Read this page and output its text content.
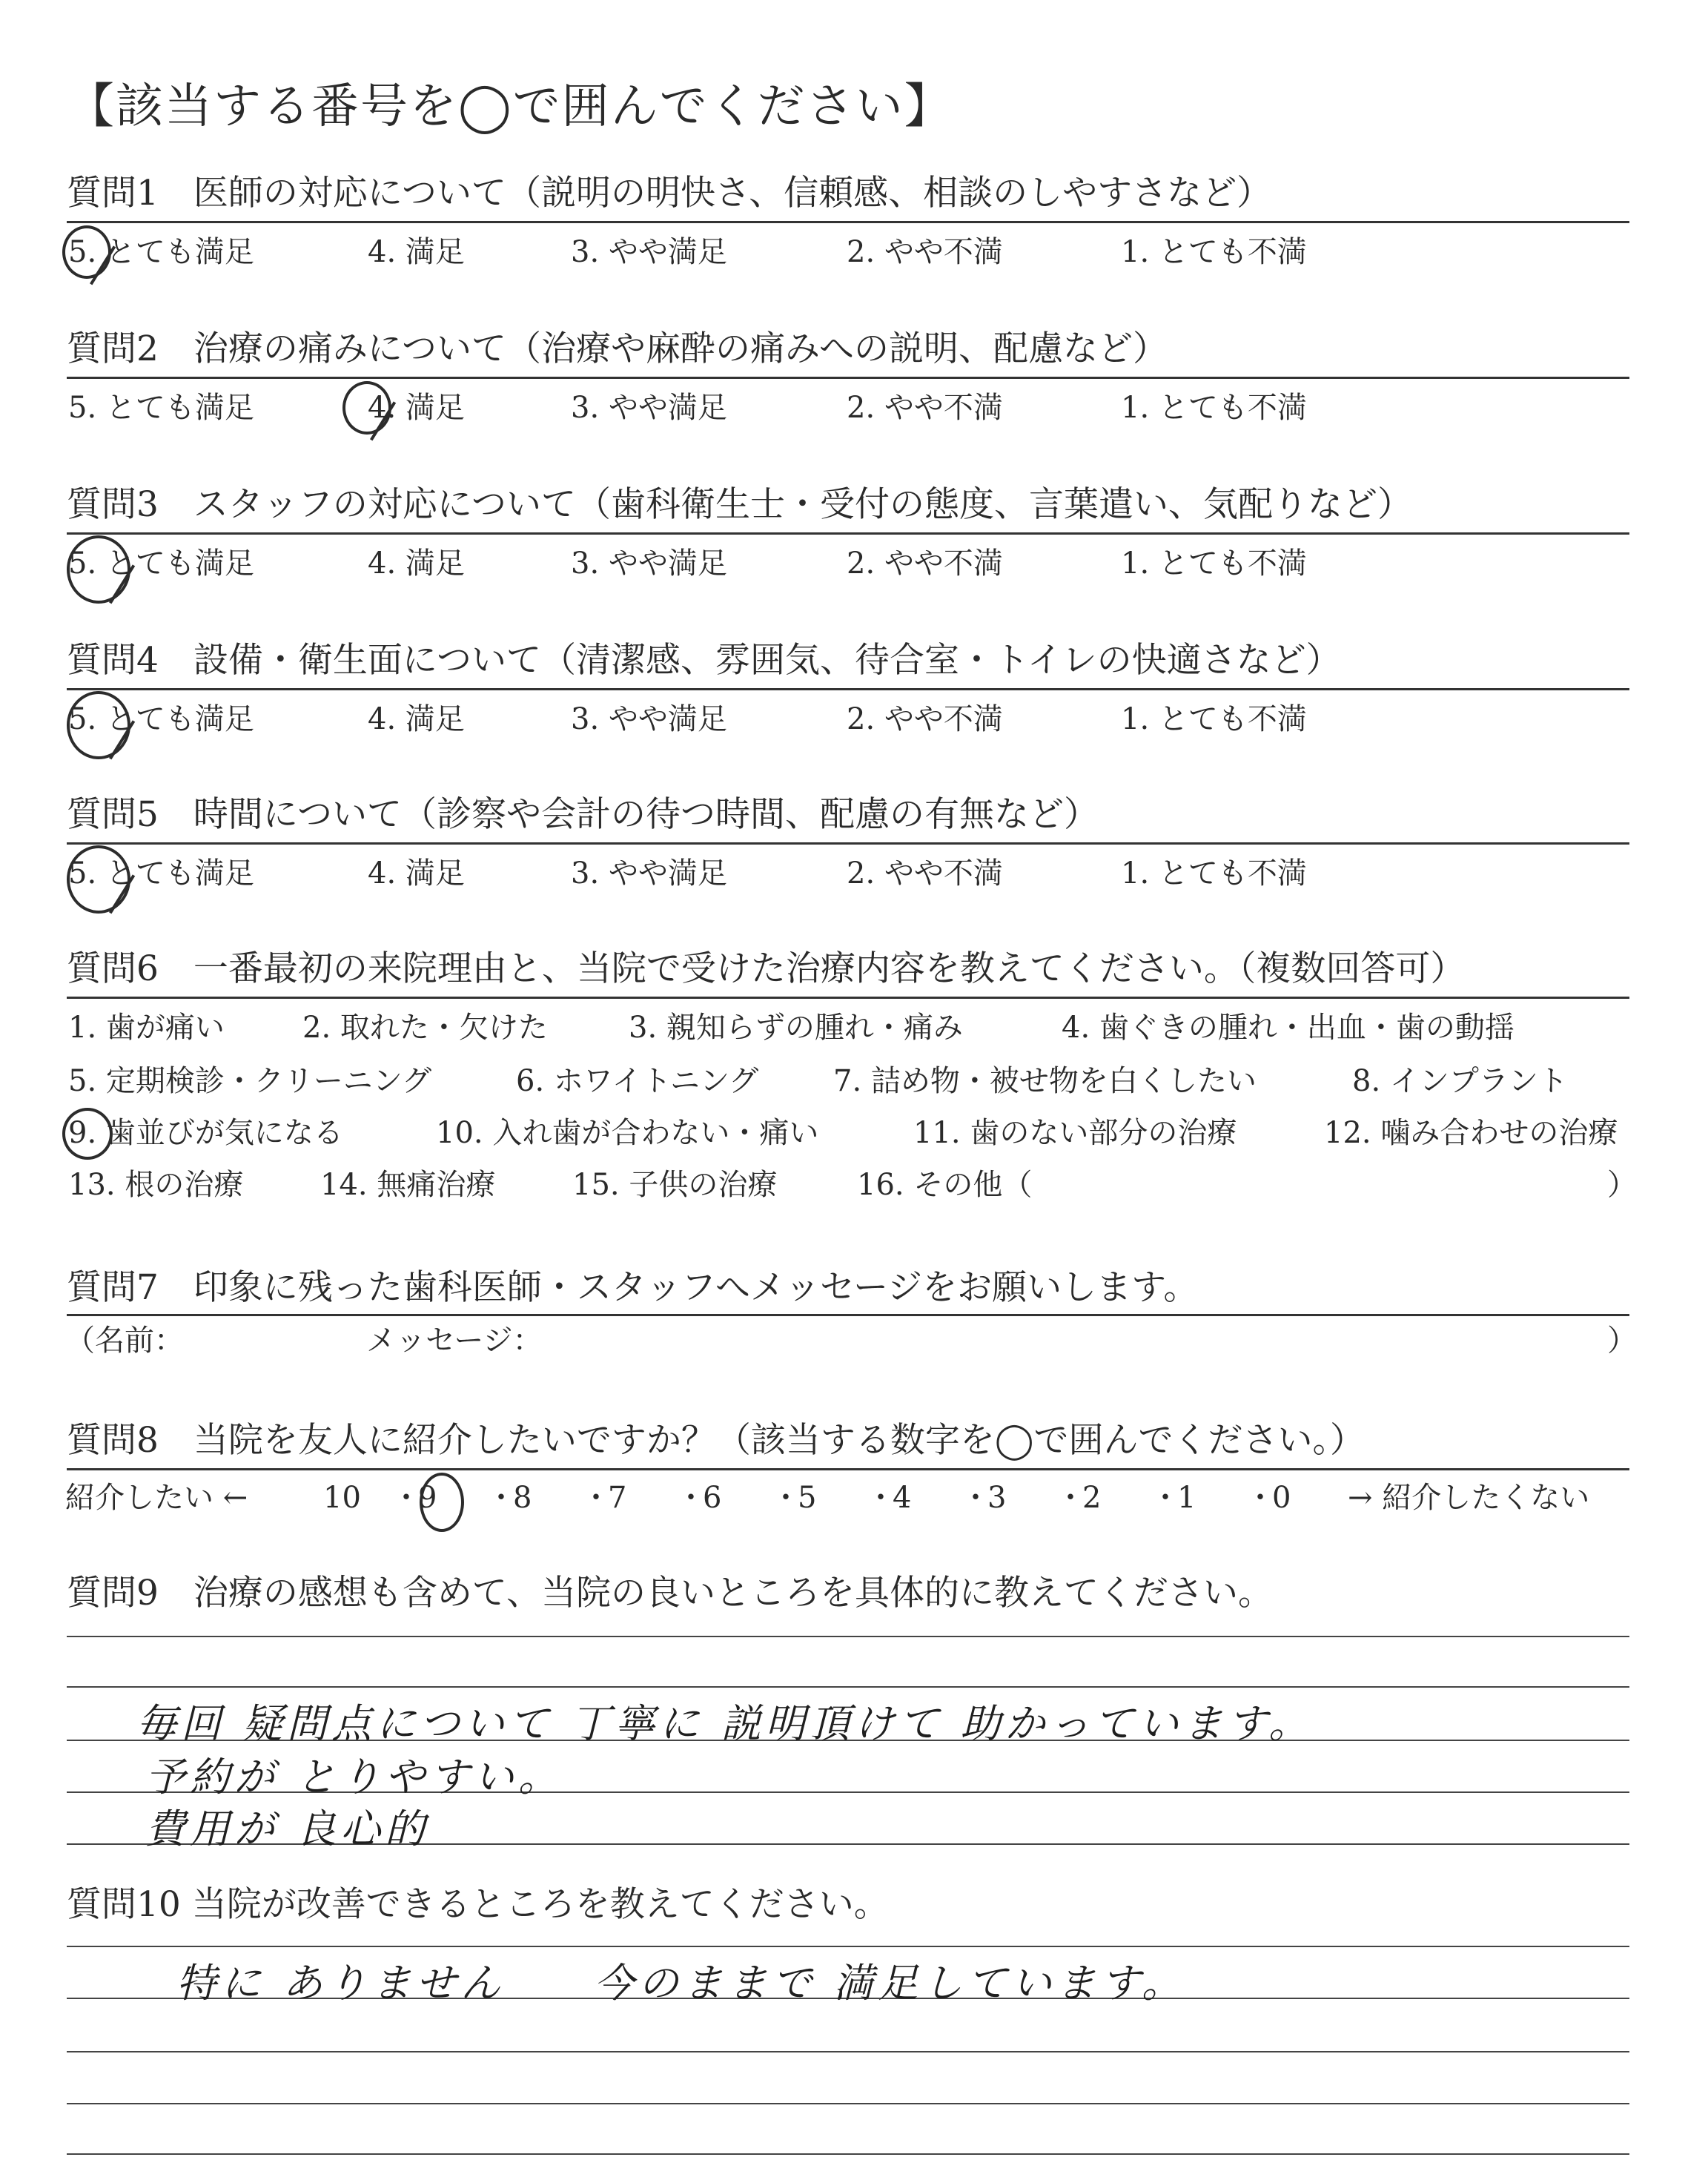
【該当する番号を◯で囲んでください】
質問1　医師の対応について（説明の明快さ、信頼感、相談のしやすさなど）
5. とても満足	4. 満足	3. やや満足	2. やや不満	1. とても不満
質問2　治療の痛みについて（治療や麻酔の痛みへの説明、配慮など）
5. とても満足	4. 満足	3. やや満足	2. やや不満	1. とても不満
質問3　スタッフの対応について（歯科衛生士・受付の態度、言葉遣い、気配りなど）
5. とても満足	4. 満足	3. やや満足	2. やや不満	1. とても不満
質問4　設備・衛生面について（清潔感、雰囲気、待合室・トイレの快適さなど）
5. とても満足	4. 満足	3. やや満足	2. やや不満	1. とても不満
質問5　時間について（診察や会計の待つ時間、配慮の有無など）
5. とても満足	4. 満足	3. やや満足	2. やや不満	1. とても不満
質問6　一番最初の来院理由と、当院で受けた治療内容を教えてください。（複数回答可）
1. 歯が痛い	2. 取れた・欠けた	3. 親知らずの腫れ・痛み	4. 歯ぐきの腫れ・出血・歯の動揺
5. 定期検診・クリーニング	6. ホワイトニング	7. 詰め物・被せ物を白くしたい	8. インプラント
9. 歯並びが気になる	10. 入れ歯が合わない・痛い	11. 歯のない部分の治療	12. 噛み合わせの治療
13. 根の治療	14. 無痛治療	15. 子供の治療	16. その他（	）
質問7　印象に残った歯科医師・スタッフへメッセージをお願いします。
（名前：	メッセージ：	）
質問8　当院を友人に紹介したいですか？（該当する数字を◯で囲んでください。）
紹介したい ←	→ 紹介したくない
質問9　治療の感想も含めて、当院の良いところを具体的に教えてください。
毎回 疑問点について 丁寧に 説明頂けて 助かっています。
予約が とりやすい。
費用が 良心的
質問10 当院が改善できるところを教えてください。
特に ありません　　今のままで 満足しています。
10 ・
9 ・
8 ・
7 ・
6 ・
5 ・
4 ・
3 ・
2 ・
1 ・
0
